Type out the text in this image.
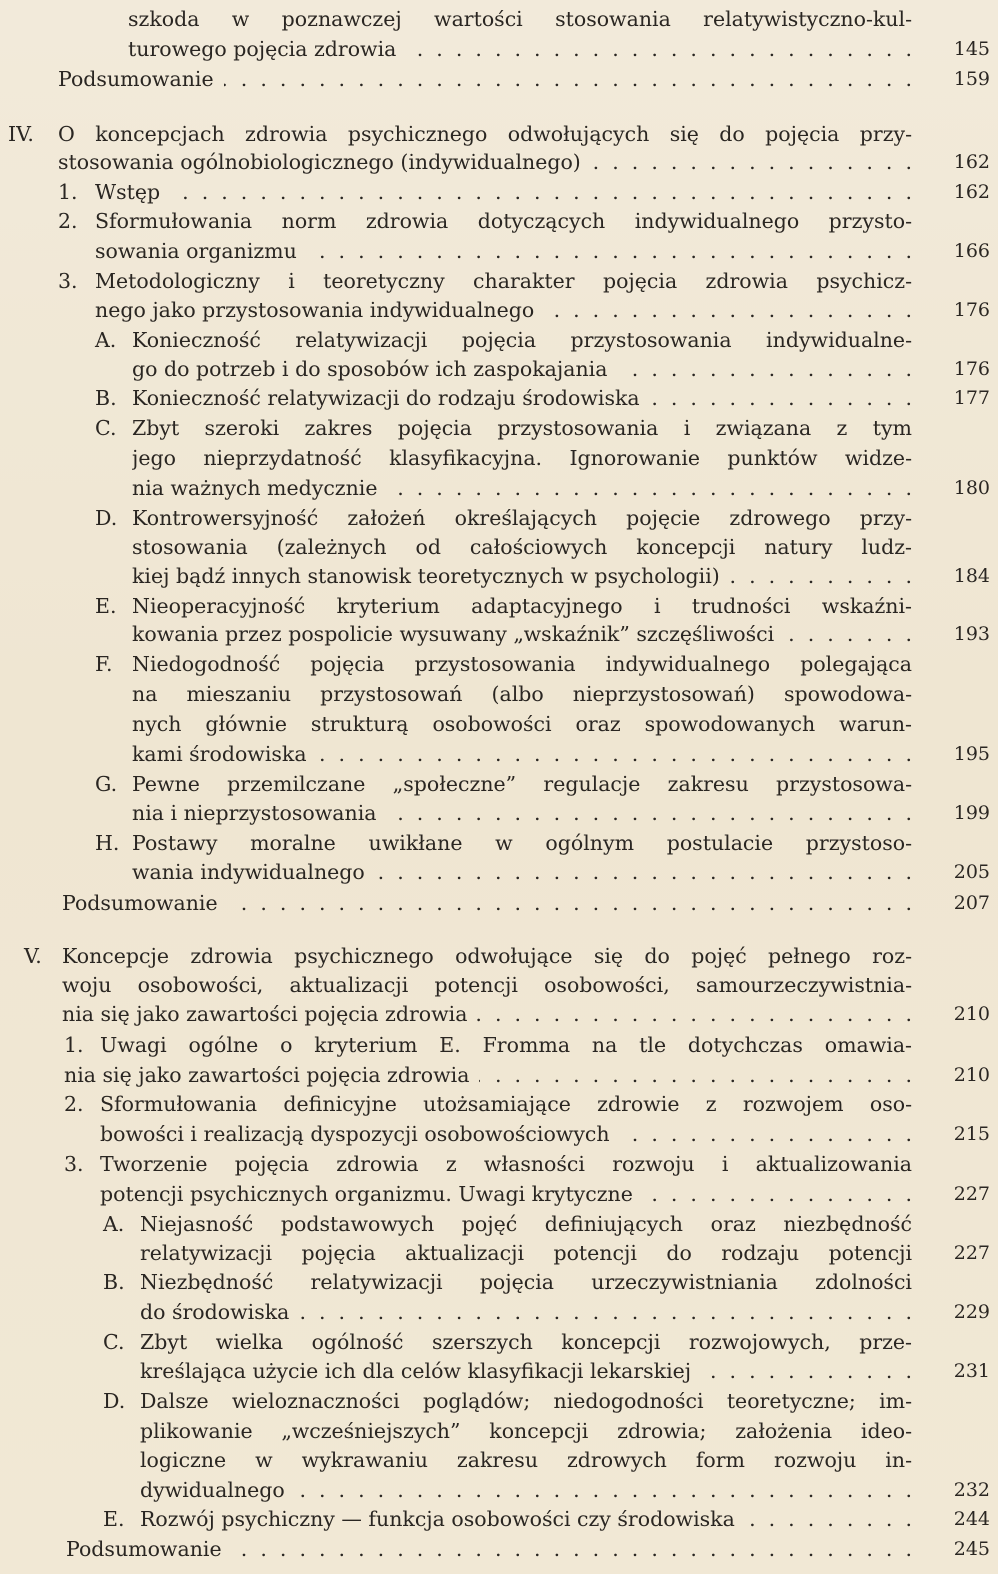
szkoda w poznawczej wartości stosowania relatywistyczno-kul-
turowego pojęcia zdrowia . .	145
Podsumowanie . .	159
IV. O koncepcjach zdrowia psychicznego odwołujących się do pojęcia przy-
stosowania ogólnobiologicznego (indywidualnego) . .	162
1. Wstęp . .	162
2. Sformułowania norm zdrowia dotyczących indywidualnego przysto-
sowania organizmu . .	166
3. Metodologiczny i teoretyczny charakter pojęcia zdrowia psychicz-
nego jako przystosowania indywidualnego . .	176
A. Konieczność relatywizacji pojęcia przystosowania indywidualne-
go do potrzeb i do sposobów ich zaspokajania . .	176
B. Konieczność relatywizacji do rodzaju środowiska . .	177
C. Zbyt szeroki zakres pojęcia przystosowania i związana z tym
jego nieprzydatność klasyfikacyjna. Ignorowanie punktów widze-
nia ważnych medycznie . .	180
D. Kontrowersyjność założeń określających pojęcie zdrowego przy-
stosowania (zależnych od całościowych koncepcji natury ludz-
kiej bądź innych stanowisk teoretycznych w psychologii) . .	184
E. Nieoperacyjność kryterium adaptacyjnego i trudności wskaźni-
kowania przez pospolicie wysuwany „wskaźnik” szczęśliwości . .	193
F. Niedogodność pojęcia przystosowania indywidualnego polegająca
na mieszaniu przystosowań (albo nieprzystosowań) spowodowa-
nych głównie strukturą osobowości oraz spowodowanych warun-
kami środowiska . .	195
G. Pewne przemilczane „społeczne” regulacje zakresu przystosowa-
nia i nieprzystosowania . .	199
H. Postawy moralne uwikłane w ogólnym postulacie przystoso-
wania indywidualnego . .	205
Podsumowanie . .	207
V. Koncepcje zdrowia psychicznego odwołujące się do pojęć pełnego roz-
woju osobowości, aktualizacji potencji osobowości, samourzeczywistnia-
nia się jako zawartości pojęcia zdrowia . .	210
1. Uwagi ogólne o kryterium E. Fromma na tle dotychczas omawia-
nia się jako zawartości pojęcia zdrowia . .	210
2. Sformułowania definicyjne utożsamiające zdrowie z rozwojem oso-
bowości i realizacją dyspozycji osobowościowych . .	215
3. Tworzenie pojęcia zdrowia z własności rozwoju i aktualizowania
potencji psychicznych organizmu. Uwagi krytyczne . .	227
A. Niejasność podstawowych pojęć definiujących oraz niezbędność
relatywizacji pojęcia aktualizacji potencji do rodzaju potencji	227
B. Niezbędność relatywizacji pojęcia urzeczywistniania zdolności
do środowiska . .	229
C. Zbyt wielka ogólność szerszych koncepcji rozwojowych, prze-
kreślająca użycie ich dla celów klasyfikacji lekarskiej . .	231
D. Dalsze wieloznaczności poglądów; niedogodności teoretyczne; im-
plikowanie „wcześniejszych” koncepcji zdrowia; założenia ideo-
logiczne w wykrawaniu zakresu zdrowych form rozwoju in-
dywidualnego . .	232
E. Rozwój psychiczny — funkcja osobowości czy środowiska . .	244
Podsumowanie . .	245
